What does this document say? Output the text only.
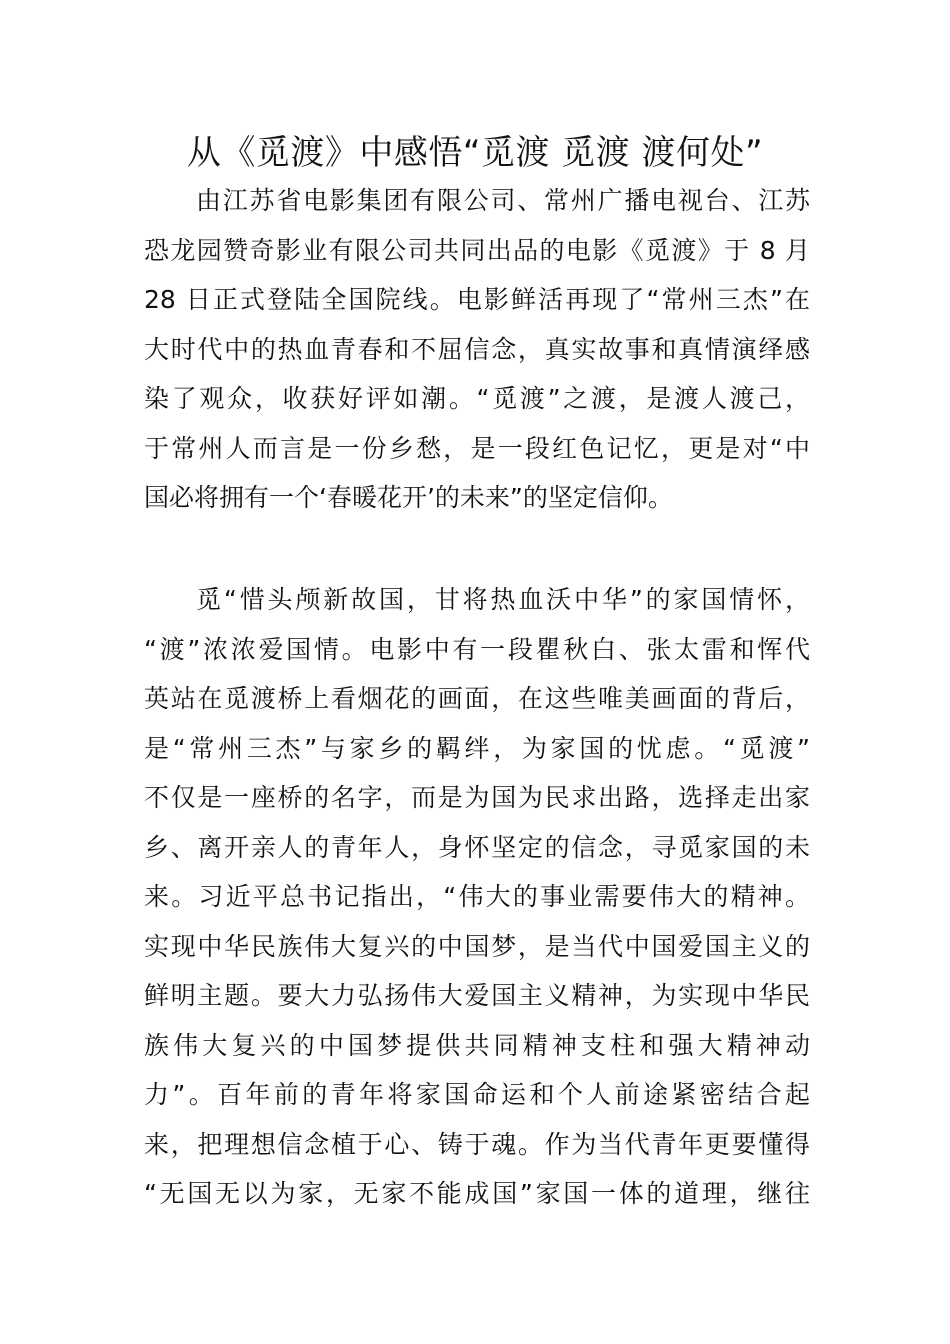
从《觅渡》中感悟“觅渡 觅渡 渡何处”
由江苏省电影集团有限公司、常州广播电视台、江苏
恐龙园赞奇影业有限公司共同出品的电影《觅渡》于 8 月
28 日正式登陆全国院线。电影鲜活再现了“常州三杰”在
大时代中的热血青春和不屈信念，真实故事和真情演绎感
染了观众，收获好评如潮。“觅渡”之渡，是渡人渡己，
于常州人而言是一份乡愁，是一段红色记忆，更是对“中
国必将拥有一个‘春暖花开’的未来”的坚定信仰。
觅“惜头颅新故国，甘将热血沃中华”的家国情怀，
“渡”浓浓爱国情。电影中有一段瞿秋白、张太雷和恽代
英站在觅渡桥上看烟花的画面，在这些唯美画面的背后，
是“常州三杰”与家乡的羁绊，为家国的忧虑。“觅渡”
不仅是一座桥的名字，而是为国为民求出路，选择走出家
乡、离开亲人的青年人，身怀坚定的信念，寻觅家国的未
来。习近平总书记指出，“伟大的事业需要伟大的精神。
实现中华民族伟大复兴的中国梦，是当代中国爱国主义的
鲜明主题。要大力弘扬伟大爱国主义精神，为实现中华民
族伟大复兴的中国梦提供共同精神支柱和强大精神动
力”。百年前的青年将家国命运和个人前途紧密结合起
来，把理想信念植于心、铸于魂。作为当代青年更要懂得
“无国无以为家，无家不能成国”家国一体的道理，继往
